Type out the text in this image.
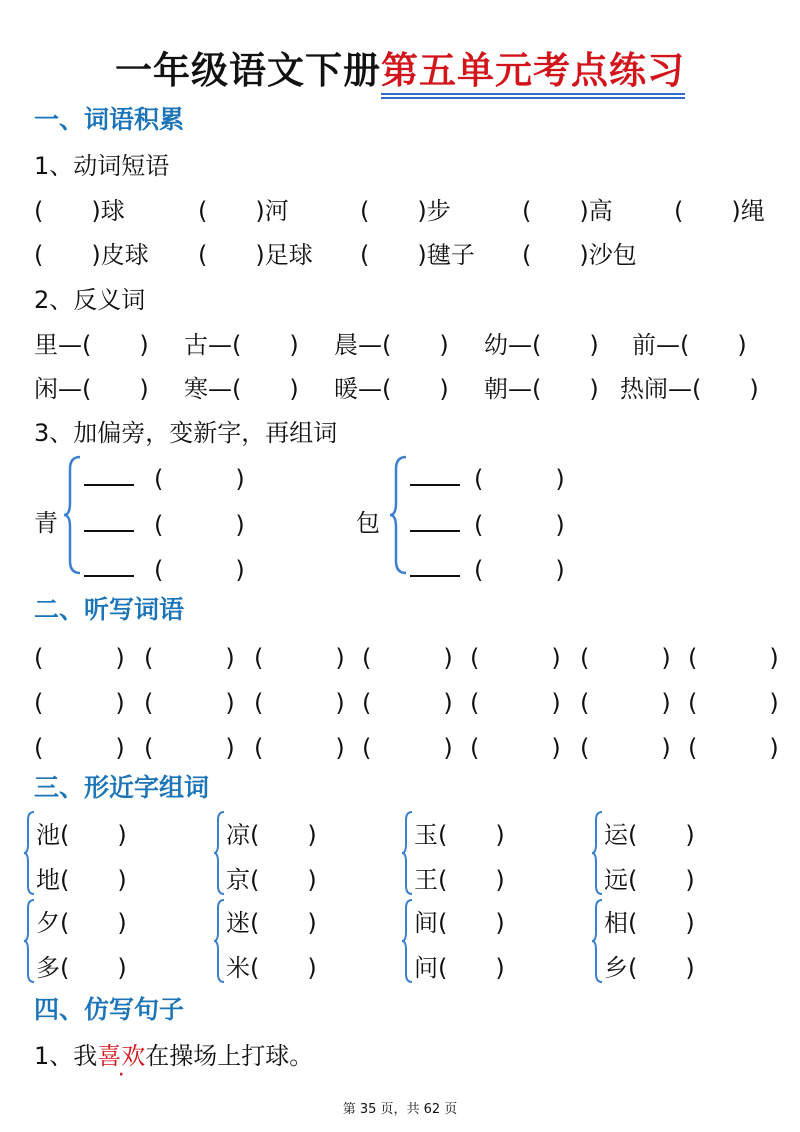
一年级语文下册第五单元考点练习
一、词语积累
1、动词短语
(　　)球	(　　)河	(　　)步	(　　)高	(　　)绳
(　　)皮球 (　　)足球 (　　)毽子 (　　)沙包
2、反义词
里—(　　) 古—(　　) 晨—(　　) 幼—(　　) 前—(　　)
闲—(　　) 寒—(　　) 暖—(　　) 朝—(　　) 热闹—(　　)
3、加偏旁，变新字，再组词
青
(　　　)
(　　　)
(　　　)
包
(　　　)
(　　　)
(　　　)
二、听写词语
(　　　) (　　　) (　　　) (　　　) (　　　) (　　　) (　　　)
(　　　) (　　　) (　　　) (　　　) (　　　) (　　　) (　　　)
(　　　) (　　　) (　　　) (　　　) (　　　) (　　　) (　　　)
三、形近字组词
池(　　)
地(　　)
凉(　　)
京(　　)
玉(　　)
王(　　)
运(　　)
远(　　)
夕(　　)
多(　　)
迷(　　)
米(　　)
间(　　)
问(　　)
相(　　)
乡(　　)
四、仿写句子
1、我喜欢在操场上打球。
第 35 页，共 62 页
